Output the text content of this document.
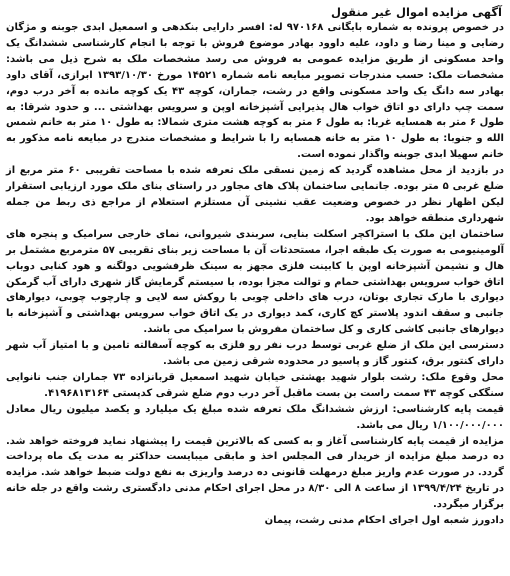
آگهی مزایده اموال غیر منقول

در خصوص پرونده به شماره بایگانی ۹۷۰۱۶۸ له: افسر دارایی بنکدهی و اسمعیل ابدی جوبنه و مژگان رضایی و مینا رضا و داود، علیه داوود بهادر موضوع فروش با توجه با انجام کارشناسی ششدانگ یک واحد مسکونی از طریق مزایده عمومی به فروش می رسد مشخصات ملک به شرح ذیل می باشد: مشخصات ملک: حسب مندرجات تصویر مبایعه نامه شماره ۱۴۵۲۱ مورخ ۱۳۹۳/۱۰/۳۰ ابرازی، آقای داود بهادر سه دانگ یک واحد مسکونی واقع در رشت، جماران، کوچه ۴۳ یک کوچه مانده به آخر درب دوم، سمت چپ دارای دو اتاق خواب هال پذیرایی آشپزخانه اوپن و سرویس بهداشتی ... و حدود شرقا: به طول ۶ متر به همسایه غربا: به طول ۶ متر به کوچه هشت متری شمالا: به طول ۱۰ متر به خانم شمس الله و جنوبا: به طول ۱۰ متر به خانه همسایه را با شرایط و مشخصات مندرج در مبایعه نامه مذکور به خانم سهیلا ابدی جوبنه واگذار نموده است.

در بازدید از محل مشاهده گردید که زمین نسقی ملک تعرفه شده با مساحت تقریبی ۶۰ متر مربع از ضلع غربی ۵ متر بوده. جانمایی ساختمان پلاک های مجاور در راستای بنای ملک مورد ارزیابی استقرار لیکن اظهار نظر در خصوص وضعیت عقب نشینی آن مستلزم استعلام از مراجع ذی ربط من جمله شهرداری منطقه خواهد بود.

ساختمان این ملک با استراکچر اسکلت بنایی، سربندی شیروانی، نمای خارجی سرامیک و پنجره های آلومینیومی به صورت یک طبقه اجرا، مستحدثات آن با مساحت زیر بنای تقریبی ۵۷ مترمربع مشتمل بر هال و نشیمن آشپزخانه اوپن با کابینت فلزی مجهز به سینک ظرفشویی دولگنه و هود کنابی دوباب اتاق خواب سرویس بهداشتی حمام و توالت مجزا بوده، با سیستم گرمایش گاز شهری دارای آب گرمکن دیواری با مارک تجاری بوتان، درب های داخلی چوبی با روکش سه لایی و چارچوب چوبی، دیوارهای جانبی و سقف اندود پلاستر کچ کاری، کمد دیواری در یک اتاق خواب سرویس بهداشتی و آشپزخانه با دیوارهای جانبی کاشی کاری و کل ساختمان مفروش با سرامیک می باشد.

دسترسی این ملک از ضلع غربی توسط درب نفر رو فلزی به کوچه آسفالته تامین و با امتیاز آب شهر دارای کنتور برق، کنتور گاز و پاسیو در محدوده شرقی زمین می باشد.

محل وقوع ملک: رشت بلوار شهید بهشتی خیابان شهید اسمعیل قربانزاده ۷۳ جماران جنب نانوایی سنگکی کوچه ۴۳ سمت راست بن بست ماقبل آخر درب دوم ضلع شرقی کدپستی ۴۱۹۶۸۱۳۱۶۴.

قیمت پایه کارشناسی: ارزش ششدانگ ملک تعرفه شده مبلغ یک میلیارد و یکصد میلیون ریال معادل ۱/۱۰۰/۰۰۰/۰۰۰ ریال می باشد.

مزایده از قیمت پایه کارشناسی آغاز و به کسی که بالاترین قیمت را پیشنهاد نماید فروخته خواهد شد. ده درصد مبلغ مزایده از خریدار فی المجلس اخذ و مابقی میبایست حداکثر به مدت یک ماه پرداخت گردد. در صورت عدم واریز مبلغ درمهلت قانونی ده درصد واریزی به نفع دولت ضبط خواهد شد. مزایده در تاریخ ۱۳۹۹/۴/۲۴ از ساعت ۸ الی ۸/۳۰ در محل اجرای احکام مدنی دادگستری رشت واقع در جله خانه برگزار میگردد.

دادورز شعبه اول اجرای احکام مدنی رشت، پیمان
